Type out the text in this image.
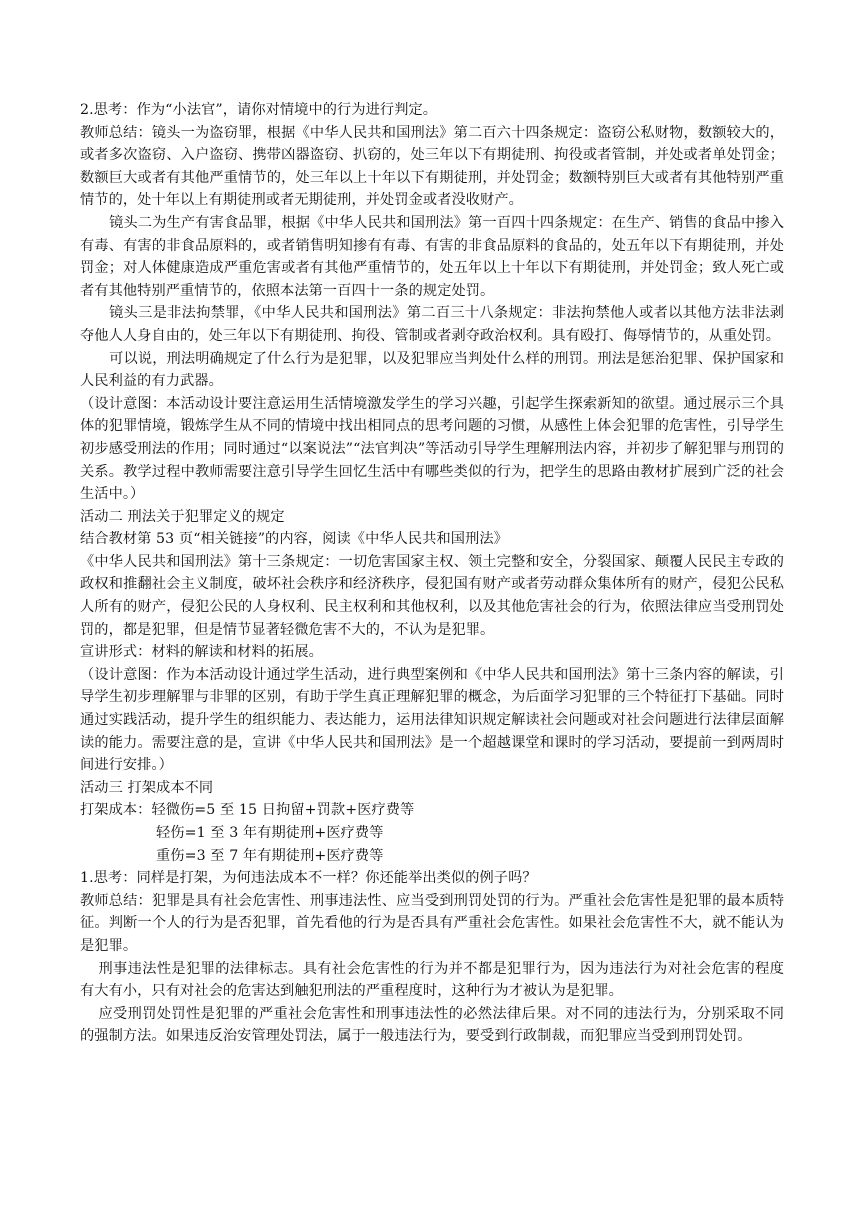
2.思考：作为“小法官”，请你对情境中的行为进行判定。

教师总结：镜头一为盗窃罪，根据《中华人民共和国刑法》第二百六十四条规定：盗窃公私财物，数额较大的，或者多次盗窃、入户盗窃、携带凶器盗窃、扒窃的，处三年以下有期徒刑、拘役或者管制，并处或者单处罚金；数额巨大或者有其他严重情节的，处三年以上十年以下有期徒刑，并处罚金；数额特别巨大或者有其他特别严重情节的，处十年以上有期徒刑或者无期徒刑，并处罚金或者没收财产。

镜头二为生产有害食品罪，根据《中华人民共和国刑法》第一百四十四条规定：在生产、销售的食品中掺入有毒、有害的非食品原料的，或者销售明知掺有有毒、有害的非食品原料的食品的，处五年以下有期徒刑，并处罚金；对人体健康造成严重危害或者有其他严重情节的，处五年以上十年以下有期徒刑，并处罚金；致人死亡或者有其他特别严重情节的，依照本法第一百四十一条的规定处罚。

镜头三是非法拘禁罪，《中华人民共和国刑法》第二百三十八条规定：非法拘禁他人或者以其他方法非法剥夺他人人身自由的，处三年以下有期徒刑、拘役、管制或者剥夺政治权利。具有殴打、侮辱情节的，从重处罚。

可以说，刑法明确规定了什么行为是犯罪，以及犯罪应当判处什么样的刑罚。刑法是惩治犯罪、保护国家和人民利益的有力武器。

（设计意图：本活动设计要注意运用生活情境激发学生的学习兴趣，引起学生探索新知的欲望。通过展示三个具体的犯罪情境，锻炼学生从不同的情境中找出相同点的思考问题的习惯，从感性上体会犯罪的危害性，引导学生初步感受刑法的作用；同时通过“以案说法”“法官判决”等活动引导学生理解刑法内容，并初步了解犯罪与刑罚的关系。教学过程中教师需要注意引导学生回忆生活中有哪些类似的行为，把学生的思路由教材扩展到广泛的社会生活中。）

活动二 刑法关于犯罪定义的规定

结合教材第 53 页“相关链接”的内容，阅读《中华人民共和国刑法》

《中华人民共和国刑法》第十三条规定：一切危害国家主权、领土完整和安全，分裂国家、颠覆人民民主专政的政权和推翻社会主义制度，破坏社会秩序和经济秩序，侵犯国有财产或者劳动群众集体所有的财产，侵犯公民私人所有的财产，侵犯公民的人身权利、民主权利和其他权利，以及其他危害社会的行为，依照法律应当受刑罚处罚的，都是犯罪，但是情节显著轻微危害不大的，不认为是犯罪。

宣讲形式：材料的解读和材料的拓展。

（设计意图：作为本活动设计通过学生活动，进行典型案例和《中华人民共和国刑法》第十三条内容的解读，引导学生初步理解罪与非罪的区别，有助于学生真正理解犯罪的概念，为后面学习犯罪的三个特征打下基础。同时通过实践活动，提升学生的组织能力、表达能力，运用法律知识规定解读社会问题或对社会问题进行法律层面解读的能力。需要注意的是，宣讲《中华人民共和国刑法》是一个超越课堂和课时的学习活动，要提前一到两周时间进行安排。）

活动三 打架成本不同

打架成本：轻微伤=5 至 15 日拘留+罚款+医疗费等
轻伤=1 至 3 年有期徒刑+医疗费等
重伤=3 至 7 年有期徒刑+医疗费等

1.思考：同样是打架，为何违法成本不一样？你还能举出类似的例子吗？

教师总结：犯罪是具有社会危害性、刑事违法性、应当受到刑罚处罚的行为。严重社会危害性是犯罪的最本质特征。判断一个人的行为是否犯罪，首先看他的行为是否具有严重社会危害性。如果社会危害性不大，就不能认为是犯罪。

刑事违法性是犯罪的法律标志。具有社会危害性的行为并不都是犯罪行为，因为违法行为对社会危害的程度有大有小，只有对社会的危害达到触犯刑法的严重程度时，这种行为才被认为是犯罪。

应受刑罚处罚性是犯罪的严重社会危害性和刑事违法性的必然法律后果。对不同的违法行为，分别采取不同的强制方法。如果违反治安管理处罚法，属于一般违法行为，要受到行政制裁，而犯罪应当受到刑罚处罚。
